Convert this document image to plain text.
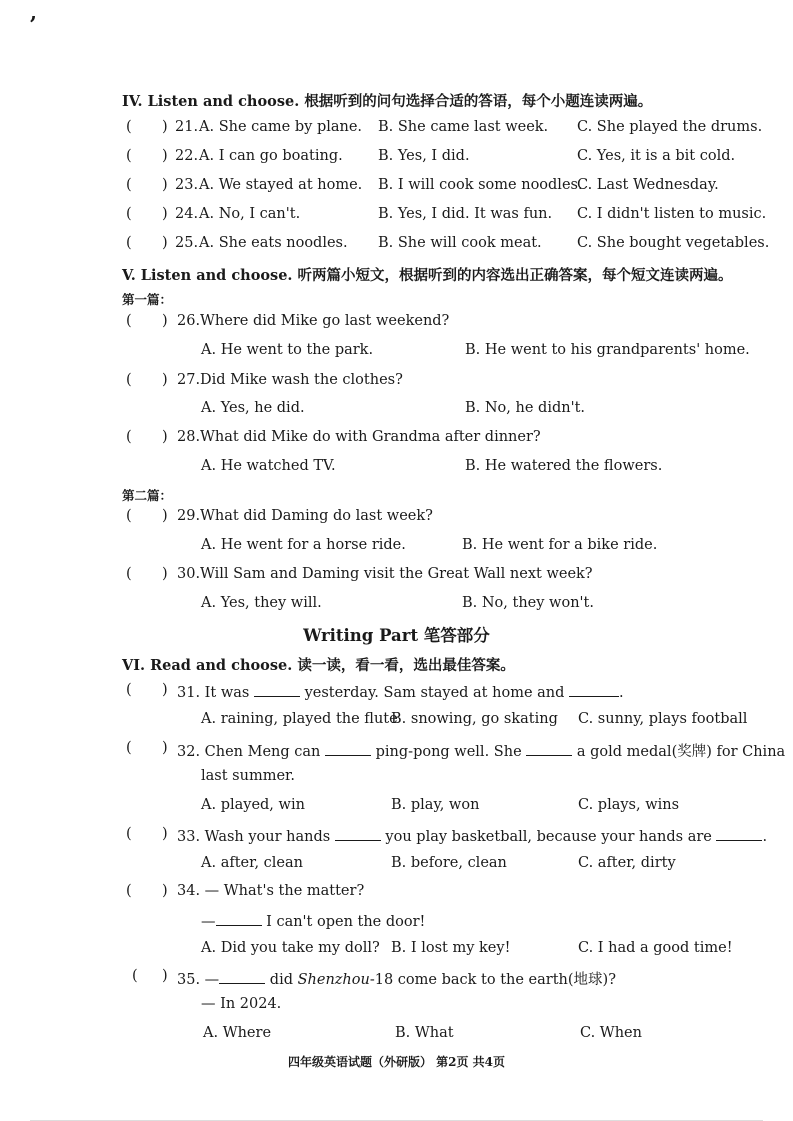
,
IV. Listen and choose. 根据听到的问句选择合适的答语，每个小题连读两遍。
( ) 21. A. She came by plane. B. She came last week. C. She played the drums.
( ) 22. A. I can go boating. B. Yes, I did.	C. Yes, it is a bit cold.
( ) 23. A. We stayed at home. B. I will cook some noodles.
C. Last Wednesday.
( ) 24. A. No, I can't.	B. Yes, I did. It was fun. C. I didn't listen to music.
( ) 25. A. She eats noodles. B. She will cook meat. C. She bought vegetables.
V. Listen and choose. 听两篇小短文，根据听到的内容选出正确答案，每个短文连读两遍。
第一篇：
第二篇：
( ) 26. Where did Mike go last weekend?
A. He went to the park.	B. He went to his grandparents' home.
( ) 27. Did Mike wash the clothes?
A. Yes, he did.	B. No, he didn't.
( ) 28. What did Mike do with Grandma after dinner?
A. He watched TV.	B. He watered the flowers.
( ) 29. What did Daming do last week?
A. He went for a horse ride.	B. He went for a bike ride.
( ) 30. Will Sam and Daming visit the Great Wall next week?
A. Yes, they will.	B. No, they won't.
Writing Part 笔答部分
VI. Read and choose. 读一读，看一看，选出最佳答案。
( ) 31. It was	yesterday. Sam stayed at home and	.
A. raining, played the flute
B. snowing, go skating C. sunny, plays football
( ) 32. Chen Meng can	ping-pong well. She	a gold medal(奖牌) for China
last summer.
A. played, win	B. play, won	C. plays, wins
( ) 33. Wash your hands	you play basketball, because your hands are	.
A. after, clean	B. before, clean	C. after, dirty
( ) 34. — What's the matter?
—	I can't open the door!
A. Did you take my doll? B. I lost my key!	C. I had a good time!
( ) 35. —	did Shenzhou-18 come back to the earth(地球)?
— In 2024.
A. Where	B. What	C. When
四年级英语试题（外研版） 第2页 共4页
